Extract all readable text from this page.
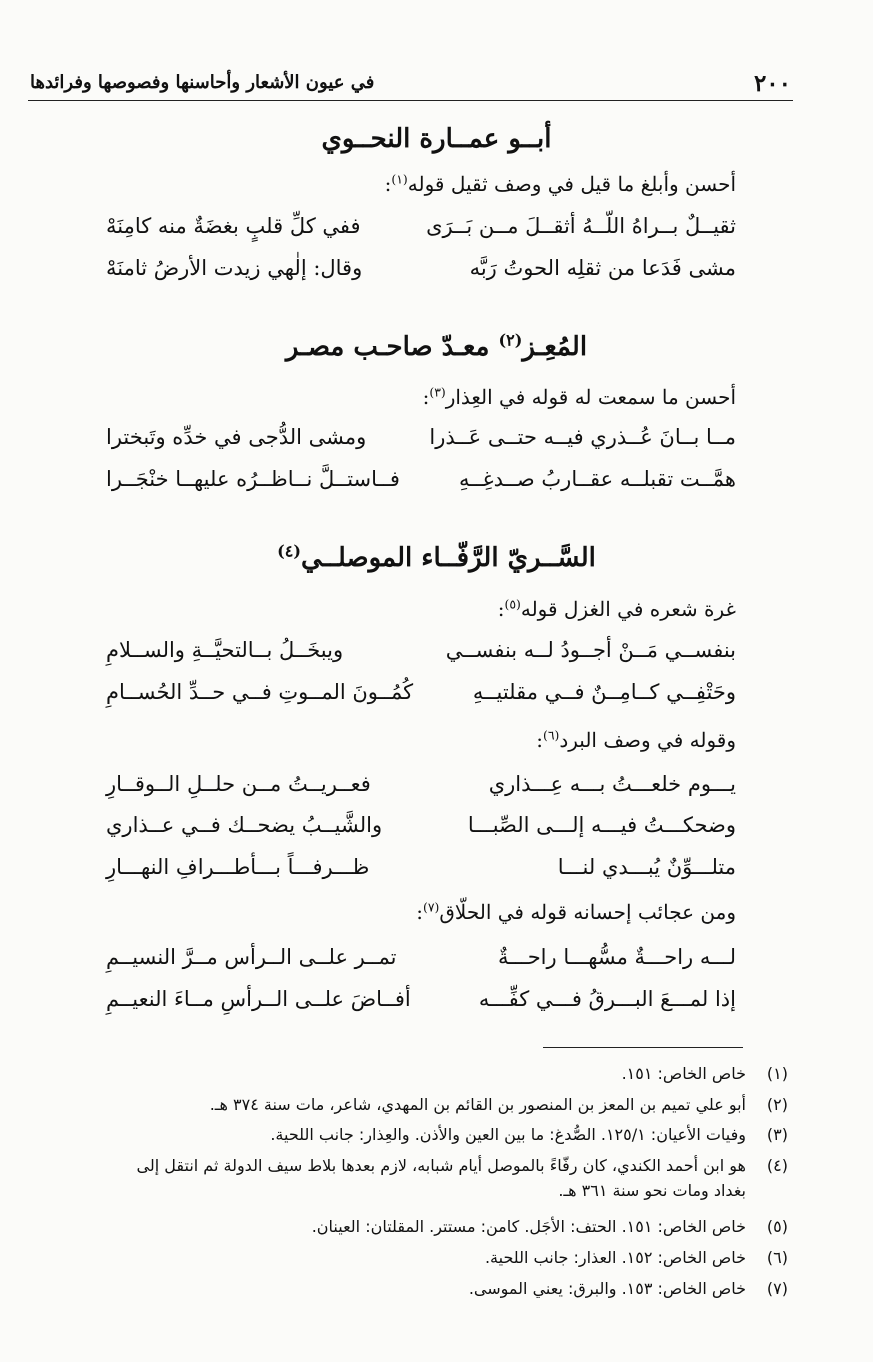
٢٠٠
في عيون الأشعار وأحاسنها وفصوصها وفرائدها
أبــو عمــارة النحــوي
أحسن وأبلغ ما قيل في وصف ثقيل قوله$^{(١)}$:
ثقيــلٌ بــراهُ اللّــهُ أثقــلَ مــن بَــرَى
ففي كلِّ قلبٍ بغضَةٌ منه كامِنَهْ
مشى فَدَعا من ثقلِه الحوتُ رَبَّه
وقال: إلٰهي زيدت الأرضُ ثامنَهْ
المُعِـز$^{(٢)}$ معـدّ صاحـب مصـر
أحسن ما سمعت له قوله في العِذار$^{(٣)}$:
مــا بــانَ عُــذري فيــه حتــى عَــذرا
ومشى الدُّجى في خدِّه وتَبخترا
همَّــت تقبلــه عقــاربُ صــدغِــهِ
فــاستــلَّ نــاظــرُه عليهــا خنْجَــرا
السَّــريّ الرَّفّــاء الموصلــي$^{(٤)}$
غرة شعره في الغزل قوله$^{(٥)}$:
بنفســي مَــنْ أجــودُ لــه بنفســي
ويبخَــلُ بــالتحيَّــةِ والســلامِ
وحَتْفِــي كــامِــنٌ فــي مقلتيــهِ
كُمُــونَ المــوتِ فــي حــدِّ الحُســامِ
وقوله في وصف البرد$^{(٦)}$:
يـــوم خلعـــتُ بـــه عِـــذاري
فعــريــتُ مــن حلــلِ الــوقــارِ
وضحكـــتُ فيـــه إلـــى الصِّبـــا
والشَّيــبُ يضحــك فــي عــذاري
متلـــوِّنٌ يُبـــدي لنـــا
ظـــرفـــاً بـــأطـــرافِ النهـــارِ
ومن عجائب إحسانه قوله في الحلّاق$^{(٧)}$:
لـــه راحـــةٌ مسُّهـــا راحـــةٌ
تمــر علــى الــرأس مــرَّ النسيــمِ
إذا لمـــعَ البـــرقُ فـــي كفِّـــه
أفــاضَ علــى الــرأسِ مــاءَ النعيــمِ
(١)
خاص الخاص: ١٥١.
(٢)
أبو علي تميم بن المعز بن المنصور بن القائم بن المهدي، شاعر، مات سنة ٣٧٤ هـ.
(٣)
وفيات الأعيان: ١٢٥/١. الصُّدغ: ما بين العين والأذن. والعِذار: جانب اللحية.
(٤)
هو ابن أحمد الكندي، كان رفّاءً بالموصل أيام شبابه، لازم بعدها بلاط سيف الدولة ثم انتقل إلى
بغداد ومات نحو سنة ٣٦١ هـ.
(٥)
خاص الخاص: ١٥١. الحتف: الأجَل. كامن: مستتر. المقلتان: العينان.
(٦)
خاص الخاص: ١٥٢. العذار: جانب اللحية.
(٧)
خاص الخاص: ١٥٣. والبرق: يعني الموسى.
